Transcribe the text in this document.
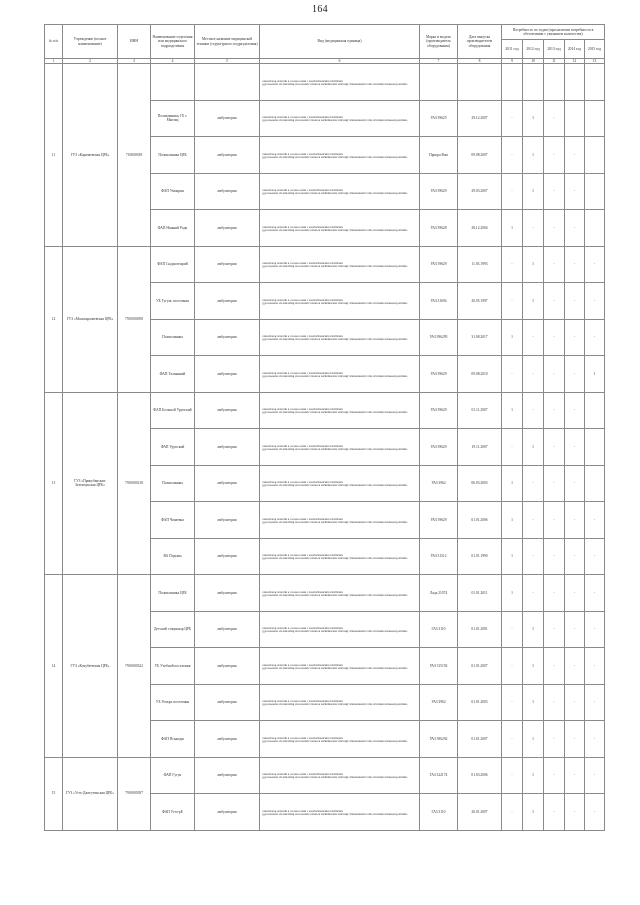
164
№ п/п	Учреждение (полное наименование)	ИНН	Наименование отделения или медицинского подразделения	Местное название медицинской техники (структурного подразделения)	Вид (медицинская единица)	Марка и модель (производитель оборудования)	Дата выпуска производителем оборудования	Потребность по годам (при наличии потребности в обеспечении с указанием количества)				
								2011 год	2012 год	2013 год	2014 год	2015 год
1	2	3	4	5	6	7	8	9	10	11	12	13
11	ГУЗ «Карачаевская ЦРБ»	710000018			Обеспечение организаций населенных пунктов медицинских изделий, применяемых при оказании первичной медико-санитарной помощи в соответствии с утвержденными порядками							
			Поликлиника, ГБ г. Мытищ	амбулатория	Обеспечение организаций населенных пунктов медицинских изделий, применяемых при оказании первичной медико-санитарной помощи в соответствии с утвержденными порядками	УАЗ 39625	29.12.2007	-	1	-		
			Поликлиника ЦРБ	амбулатория	Обеспечение организаций населенных пунктов медицинских изделий, применяемых при оказании первичной медико-санитарной помощи в соответствии с утвержденными порядками	Приора Вам	09.08.2007	-	1	-	-	
			ФАП Уммарин	амбулатория	Обеспечение организаций населенных пунктов медицинских изделий, применяемых при оказании первичной медико-санитарной помощи в соответствии с утвержденными порядками	УАЗ 39629	29.03.2007	-	1	-	-	
			ФАП Нижний Роди	амбулатория	Обеспечение организаций населенных пунктов медицинских изделий, применяемых при оказании первичной медико-санитарной помощи в соответствии с утвержденными порядками	УАЗ 39628	28.12.2004	1	-	-	-	
12	ГУЗ «Малокарачаевская ЦРБ»	7910000058	ФАП Сыдыгатырий	амбулатория	Обеспечение организаций населенных пунктов медицинских изделий, применяемых при оказании первичной медико-санитарной помощи в соответствии с утвержденными порядками	УАЗ 39629	11.03.1993	-	1	-	-	-
			УБ Гугунс поселения	амбулатория	Обеспечение организаций населенных пунктов медицинских изделий, применяемых при оказании первичной медико-санитарной помощи в соответствии с утвержденными порядками	УАЗ 31694	20.05.1997	-	1	-	-	-
			Поликлиника	амбулатория	Обеспечение организаций населенных пунктов медицинских изделий, применяемых при оказании первичной медико-санитарной помощи в соответствии с утвержденными порядками	УАЗ 396295	31.08.2017	1	-	-	-	-
			ФАП Тальянный	амбулатория	Обеспечение организаций населенных пунктов медицинских изделий, применяемых при оказании первичной медико-санитарной помощи в соответствии с утвержденными порядками	УАЗ 39629	09.08.2010	-	-	-	-	1
13	ГУЗ «Прикубанская-Зеленчукская ЦРБ»	7910000218	ФАП Большой Урупский	амбулатория	Обеспечение организаций населенных пунктов медицинских изделий, применяемых при оказании первичной медико-санитарной помощи в соответствии с утвержденными порядками	УАЗ 39629	01.11.2007	1	-	-	-	
			ФАП Урупский	амбулатория	Обеспечение организаций населенных пунктов медицинских изделий, применяемых при оказании первичной медико-санитарной помощи в соответствии с утвержденными порядками	УАЗ 39629	19.11.2007	-	1	-	-	
			Поликлиника	амбулатория	Обеспечение организаций населенных пунктов медицинских изделий, применяемых при оказании первичной медико-санитарной помощи в соответствии с утвержденными порядками	УАЗ 3962	06.03.2003	1	-	-	-	
			ФАП Чапаевка	амбулатория	Обеспечение организаций населенных пунктов медицинских изделий, применяемых при оказании первичной медико-санитарной помощи в соответствии с утвержденными порядками	УАЗ 39629	01.01.2006	1	-	-	-	-
			ВА Подьмы	амбулатория	Обеспечение организаций населенных пунктов медицинских изделий, применяемых при оказании первичной медико-санитарной помощи в соответствии с утвержденными порядками	УАЗ 31512	01.01.1990	1	-	-	-	-
14	ГУЗ «Кочубеевская ЦРБ»	7910000322	Поликлиника ЦРБ	амбулатория	Обеспечение организаций населенных пунктов медицинских изделий, применяемых при оказании первичной медико-санитарной помощи в соответствии с утвержденными порядками	Лада 21074	01.01.2011	1	-	-	-	-
			Детский стационар ЦРБ	амбулатория	Обеспечение организаций населенных пунктов медицинских изделий, применяемых при оказании первичной медико-санитарной помощи в соответствии с утвержденными порядками	ГАЗ 3110	01.01.2001	-	1	-	-	-
			УБ Учебной поселения	амбулатория	Обеспечение организаций населенных пунктов медицинских изделий, применяемых при оказании первичной медико-санитарной помощи в соответствии с утвержденными порядками	УАЗ 315192	01.01.2007	-	1	-	-	-
			УБ Уочкрь поселения	амбулатория	Обеспечение организаций населенных пунктов медицинских изделий, применяемых при оказании первичной медико-санитарной помощи в соответствии с утвержденными порядками	УАЗ 3962	01.01.2003	-	1	-	-	-
			ФАП Псыкоды	амбулатория	Обеспечение организаций населенных пунктов медицинских изделий, применяемых при оказании первичной медико-санитарной помощи в соответствии с утвержденными порядками	УАЗ 396292	01.01.2007	-	1	-	-	-
15	ГУЗ «Усть-Джегутинская ЦРБ»	7910000397	ФАП Гугуи	амбулатория	Обеспечение организаций населенных пунктов медицинских изделий, применяемых при оказании первичной медико-санитарной помощи в соответствии с утвержденными порядками	ГАЗ 322174	01.03.2006	-	1	-	-	-
			ФАП Уста-рЕ	амбулатория	Обеспечение организаций населенных пунктов медицинских изделий, применяемых при оказании первичной медико-санитарной помощи в соответствии с утвержденными порядками	ГАЗ 3110	20.01.2007	-	1	-	-	-
